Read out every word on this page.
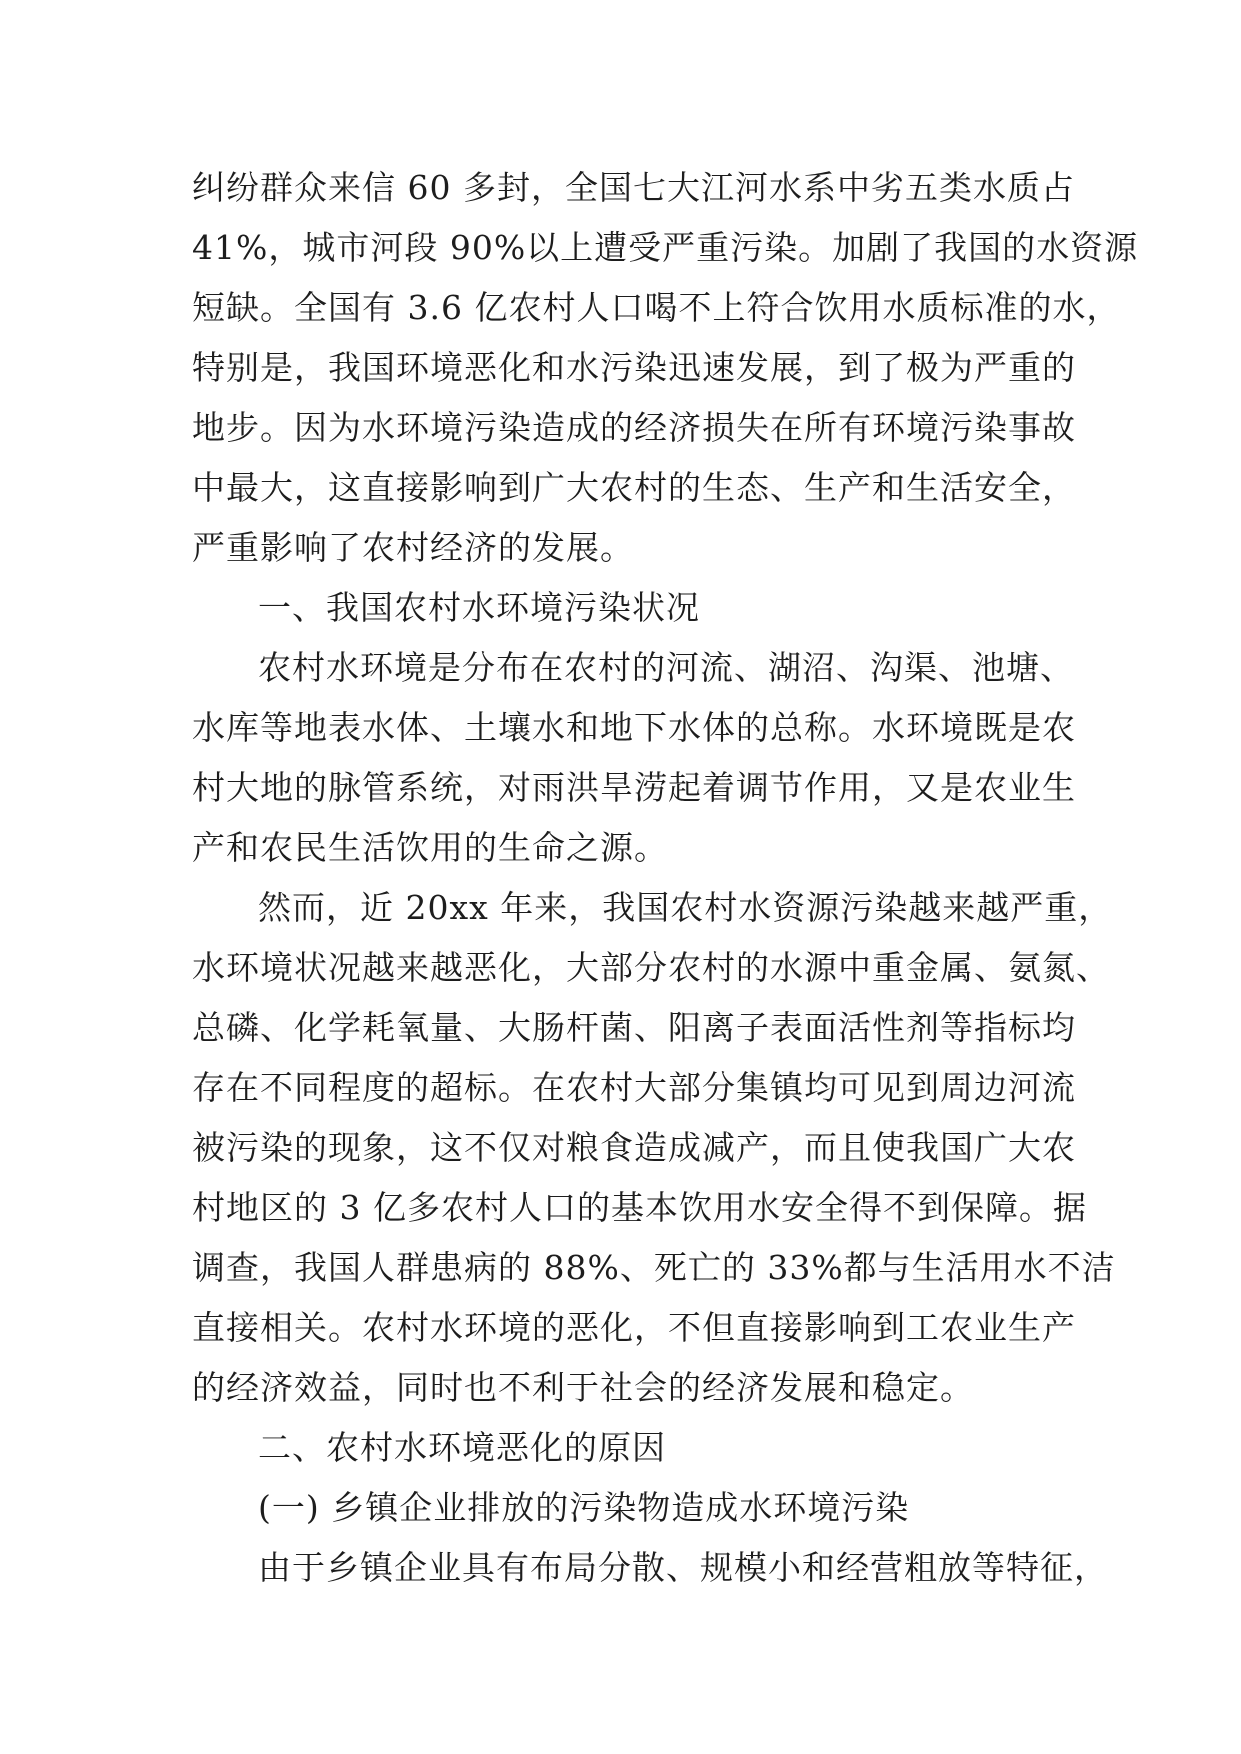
纠纷群众来信 60 多封，全国七大江河水系中劣五类水质占

41%，城市河段 90%以上遭受严重污染。加剧了我国的水资源

短缺。全国有 3.6 亿农村人口喝不上符合饮用水质标准的水，

特别是，我国环境恶化和水污染迅速发展，到了极为严重的

地步。因为水环境污染造成的经济损失在所有环境污染事故

中最大，这直接影响到广大农村的生态、生产和生活安全，

严重影响了农村经济的发展。

一、我国农村水环境污染状况

农村水环境是分布在农村的河流、湖沼、沟渠、池塘、

水库等地表水体、土壤水和地下水体的总称。水环境既是农

村大地的脉管系统，对雨洪旱涝起着调节作用，又是农业生

产和农民生活饮用的生命之源。

然而，近 20xx 年来，我国农村水资源污染越来越严重，

水环境状况越来越恶化，大部分农村的水源中重金属、氨氮、

总磷、化学耗氧量、大肠杆菌、阳离子表面活性剂等指标均

存在不同程度的超标。在农村大部分集镇均可见到周边河流

被污染的现象，这不仅对粮食造成减产，而且使我国广大农

村地区的 3 亿多农村人口的基本饮用水安全得不到保障。据

调查，我国人群患病的 88%、死亡的 33%都与生活用水不洁

直接相关。农村水环境的恶化，不但直接影响到工农业生产

的经济效益，同时也不利于社会的经济发展和稳定。

二、农村水环境恶化的原因

(一) 乡镇企业排放的污染物造成水环境污染

由于乡镇企业具有布局分散、规模小和经营粗放等特征，
